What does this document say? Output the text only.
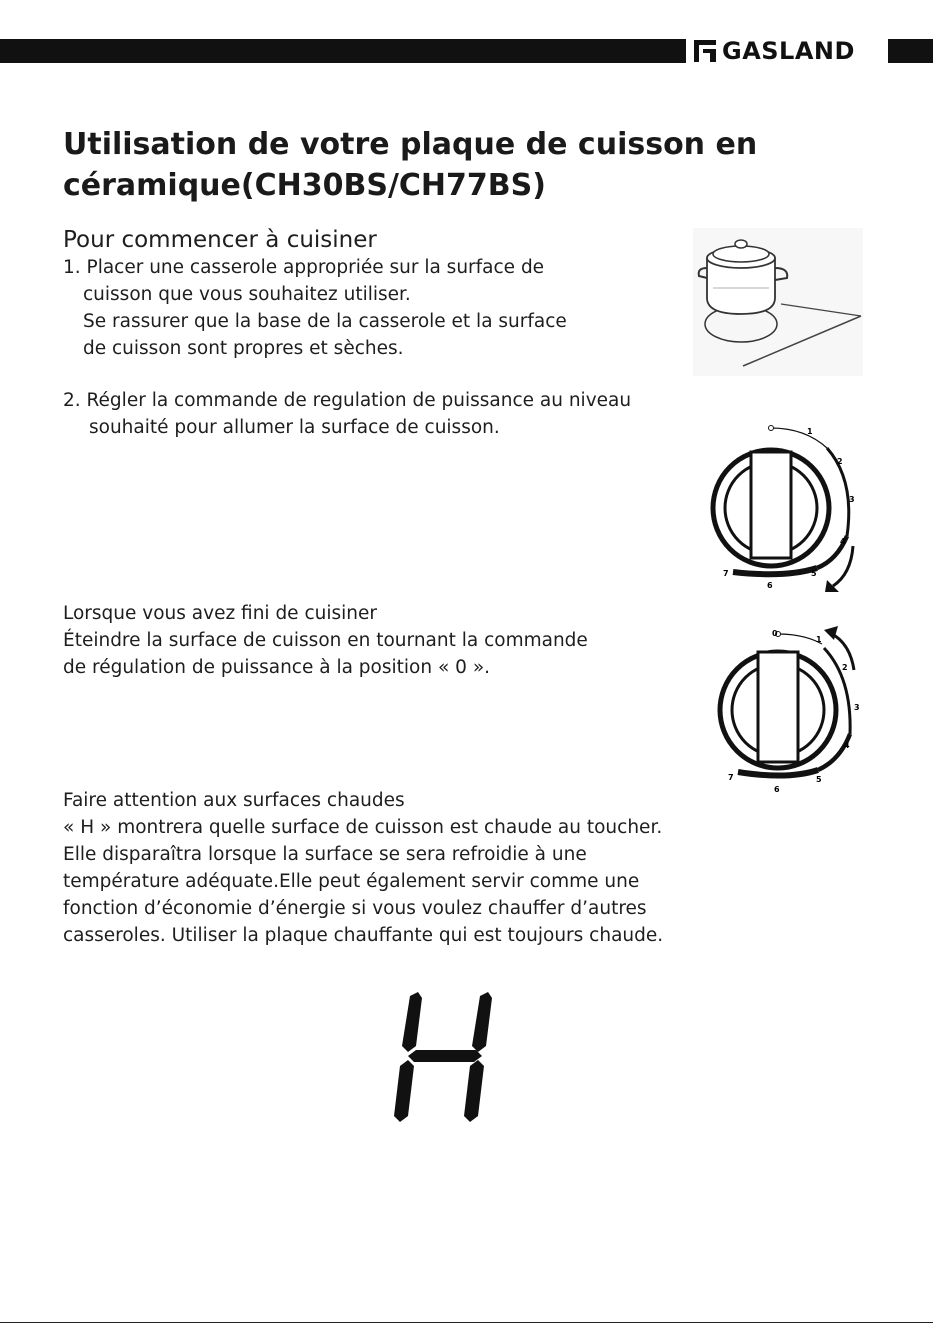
GASLAND
Utilisation de votre plaque de cuisson en
céramique(CH30BS/CH77BS)
Pour commencer à cuisiner
1. Placer une casserole appropriée sur la surface de
cuisson que vous souhaitez utiliser.
Se rassurer que la base de la casserole et la surface
de cuisson sont propres et sèches.
2. Régler la commande de regulation de puissance au niveau
souhaité pour allumer la surface de cuisson.	1
2
3
4
5
6
7
Lorsque vous avez fini de cuisiner
Éteindre la surface de cuisson en tournant la commande
de régulation de puissance à la position « 0 ».
0
1
2
3
4
5
6
7
Faire attention aux surfaces chaudes
« H » montrera quelle surface de cuisson est chaude au toucher.
Elle disparaîtra lorsque la surface se sera refroidie à une
température adéquate.Elle peut également servir comme une
fonction d’économie d’énergie si vous voulez chauffer d’autres
casseroles. Utiliser la plaque chauffante qui est toujours chaude.
